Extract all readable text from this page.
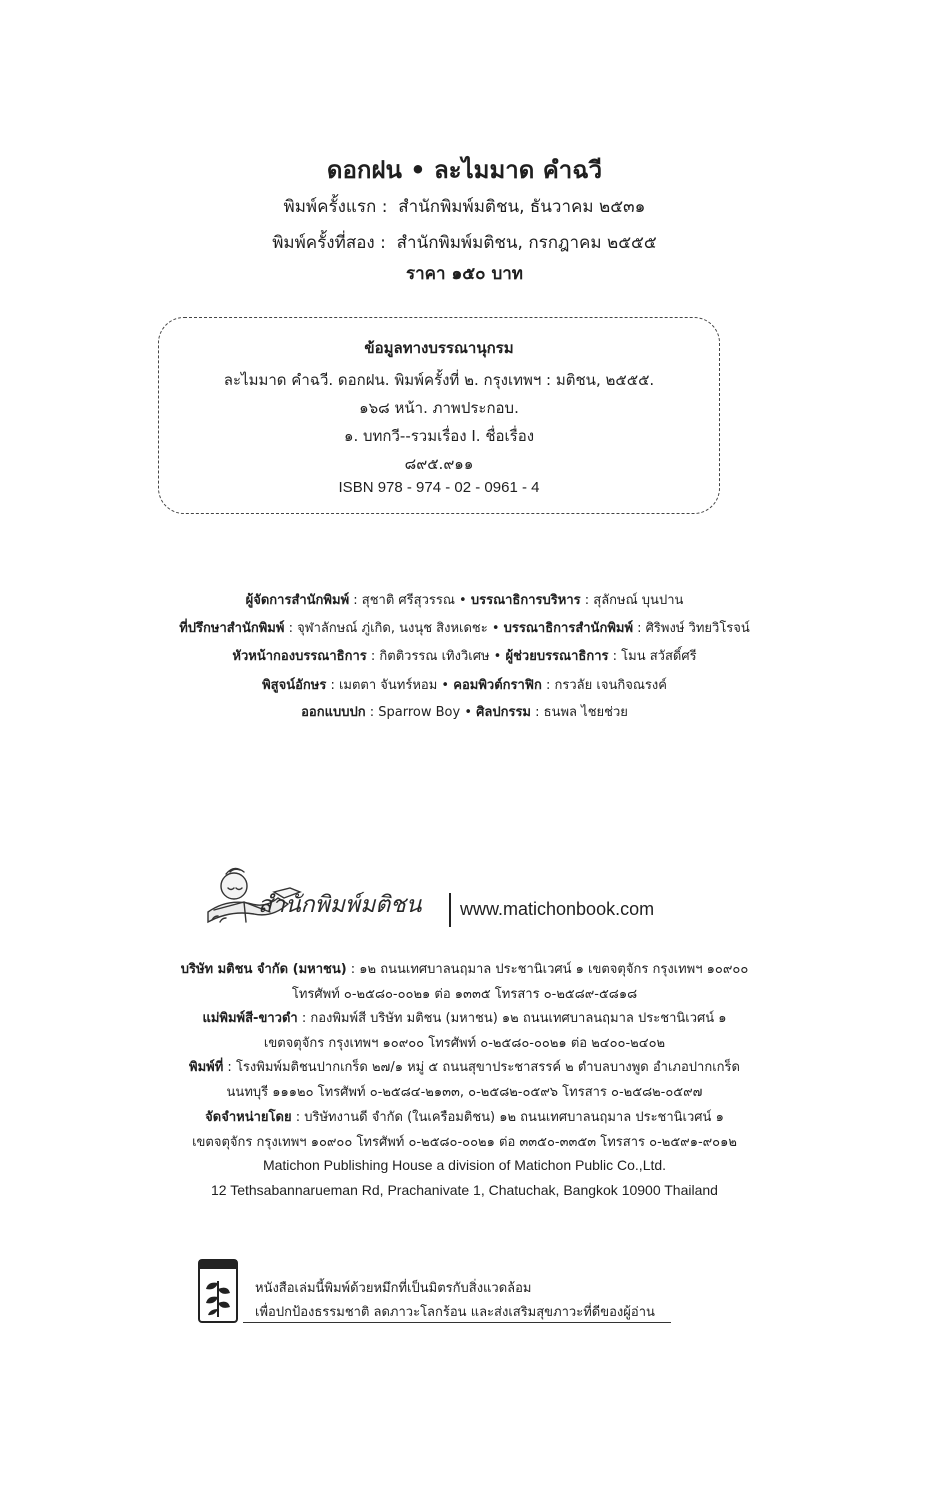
ดอกฝน • ละไมมาด คำฉวี
พิมพ์ครั้งแรก : สำนักพิมพ์มติชน, ธันวาคม ๒๕๓๑
พิมพ์ครั้งที่สอง : สำนักพิมพ์มติชน, กรกฎาคม ๒๕๕๕
ราคา ๑๕๐ บาท
ข้อมูลทางบรรณานุกรม
ละไมมาด คำฉวี. ดอกฝน. พิมพ์ครั้งที่ ๒. กรุงเทพฯ : มติชน, ๒๕๕๕.
๑๖๘ หน้า. ภาพประกอบ.
๑. บทกวี--รวมเรื่อง I. ชื่อเรื่อง
๘๙๕.๙๑๑
ISBN 978 - 974 - 02 - 0961 - 4
ผู้จัดการสำนักพิมพ์ : สุชาติ ศรีสุวรรณ • บรรณาธิการบริหาร : สุลักษณ์ บุนปาน
ที่ปรึกษาสำนักพิมพ์ : จุฬาลักษณ์ ภู่เกิด, นงนุช สิงหเดชะ • บรรณาธิการสำนักพิมพ์ : ศิริพงษ์ วิทยวิโรจน์
หัวหน้ากองบรรณาธิการ : กิตติวรรณ เทิงวิเศษ • ผู้ช่วยบรรณาธิการ : โมน สวัสดิ์ศรี
พิสูจน์อักษร : เมตตา จันทร์หอม • คอมพิวต์กราฟิก : กรวลัย เจนกิจณรงค์
ออกแบบปก : Sparrow Boy • ศิลปกรรม : ธนพล ไชยช่วย
สำนักพิมพ์มติชน www.matichonbook.com
บริษัท มติชน จำกัด (มหาชน) : ๑๒ ถนนเทศบาลนฤมาล ประชานิเวศน์ ๑ เขตจตุจักร กรุงเทพฯ ๑๐๙๐๐
โทรศัพท์ ๐-๒๕๘๐-๐๐๒๑ ต่อ ๑๓๓๕ โทรสาร ๐-๒๕๘๙-๕๘๑๘
แม่พิมพ์สี-ขาวดำ : กองพิมพ์สี บริษัท มติชน (มหาชน) ๑๒ ถนนเทศบาลนฤมาล ประชานิเวศน์ ๑
เขตจตุจักร กรุงเทพฯ ๑๐๙๐๐ โทรศัพท์ ๐-๒๕๘๐-๐๐๒๑ ต่อ ๒๔๐๐-๒๔๐๒
พิมพ์ที่ : โรงพิมพ์มติชนปากเกร็ด ๒๗/๑ หมู่ ๕ ถนนสุขาประชาสรรค์ ๒ ตำบลบางพูด อำเภอปากเกร็ด
นนทบุรี ๑๑๑๒๐ โทรศัพท์ ๐-๒๕๘๔-๒๑๓๓, ๐-๒๕๘๒-๐๕๙๖ โทรสาร ๐-๒๕๘๒-๐๕๙๗
จัดจำหน่ายโดย : บริษัทงานดี จำกัด (ในเครือมติชน) ๑๒ ถนนเทศบาลนฤมาล ประชานิเวศน์ ๑
เขตจตุจักร กรุงเทพฯ ๑๐๙๐๐ โทรศัพท์ ๐-๒๕๘๐-๐๐๒๑ ต่อ ๓๓๕๐-๓๓๕๓ โทรสาร ๐-๒๕๙๑-๙๐๑๒
Matichon Publishing House a division of Matichon Public Co.,Ltd.
12 Tethsabannarueman Rd, Prachanivate 1, Chatuchak, Bangkok 10900 Thailand
หนังสือเล่มนี้พิมพ์ด้วยหมึกที่เป็นมิตรกับสิ่งแวดล้อม
เพื่อปกป้องธรรมชาติ ลดภาวะโลกร้อน และส่งเสริมสุขภาวะที่ดีของผู้อ่าน
